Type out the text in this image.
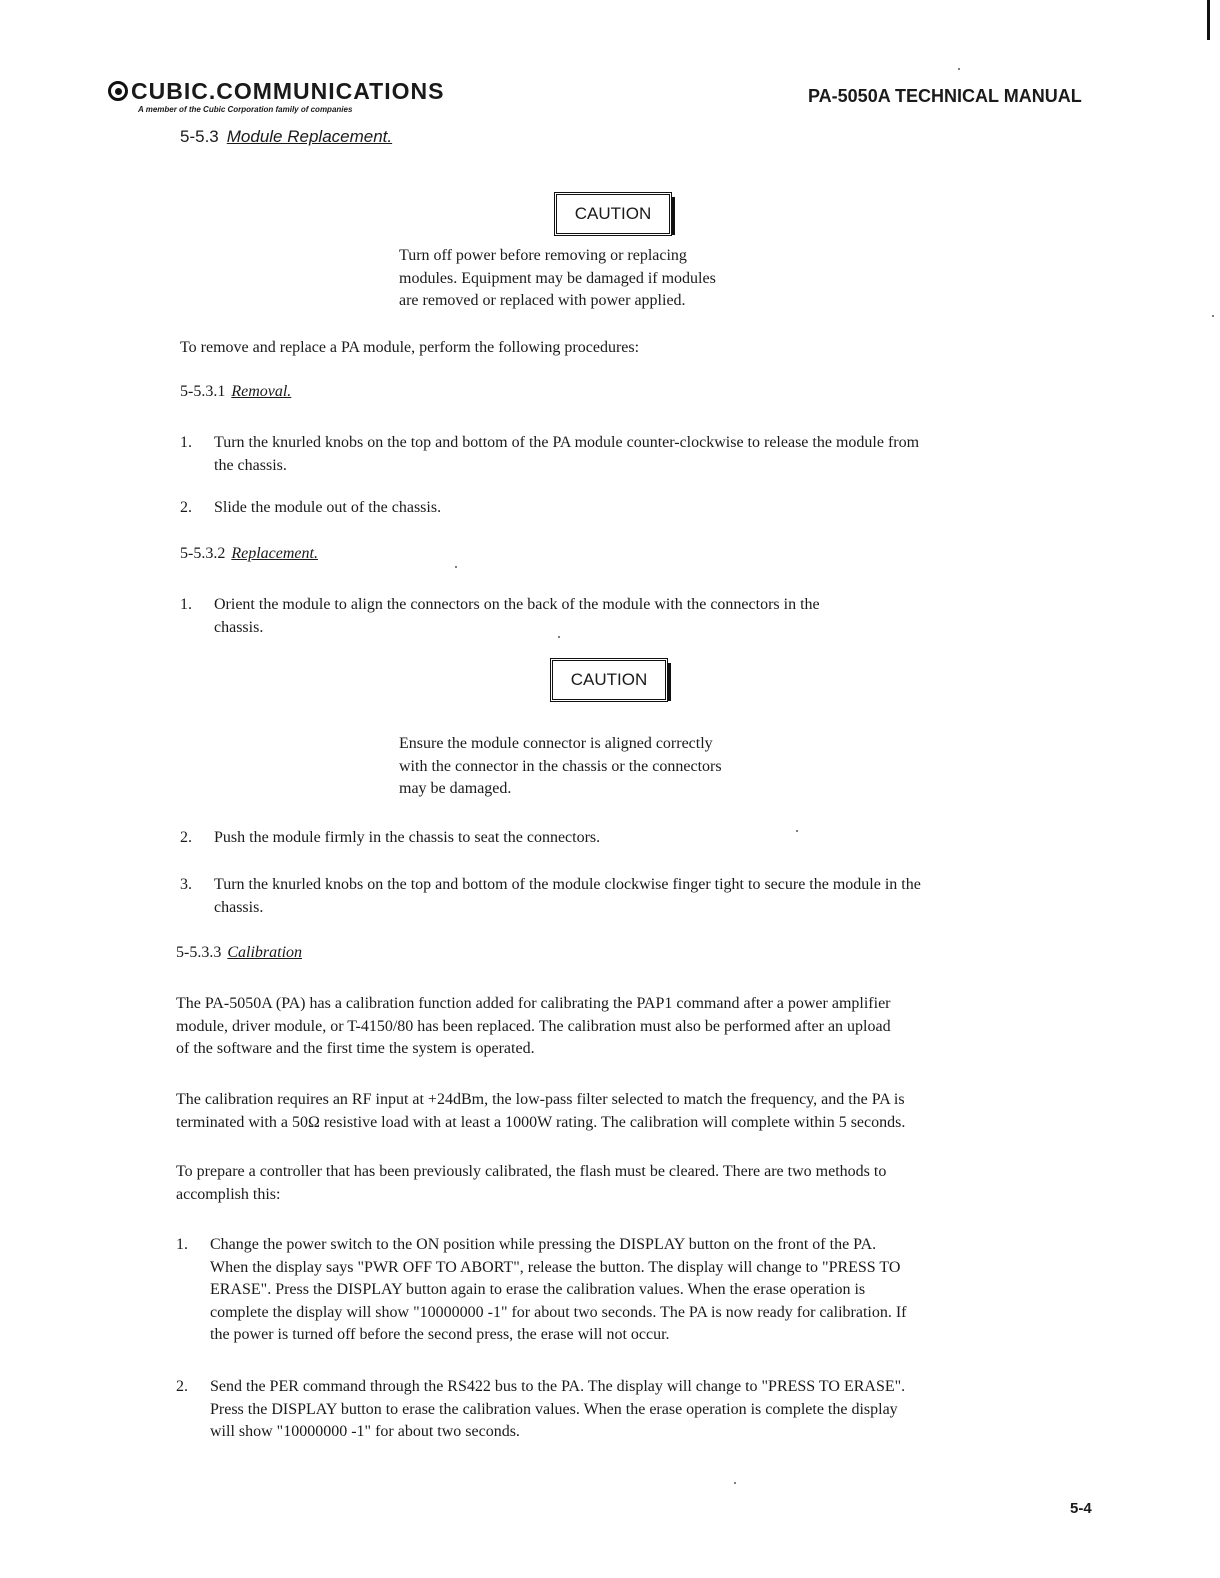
CUBIC.COMMUNICATIONS
A member of the Cubic Corporation family of companies
PA-5050A TECHNICAL MANUAL
5-5.3 Module Replacement.
CAUTION
Turn off power before removing or replacing
modules. Equipment may be damaged if modules
are removed or replaced with power applied.
To remove and replace a PA module, perform the following procedures:
5-5.3.1 Removal.
1. Turn the knurled knobs on the top and bottom of the PA module counter-clockwise to release the module from
the chassis.
2. Slide the module out of the chassis.
5-5.3.2 Replacement.
1. Orient the module to align the connectors on the back of the module with the connectors in the
chassis.
CAUTION
Ensure the module connector is aligned correctly
with the connector in the chassis or the connectors
may be damaged.
2. Push the module firmly in the chassis to seat the connectors.
3. Turn the knurled knobs on the top and bottom of the module clockwise finger tight to secure the module in the
chassis.
5-5.3.3 Calibration
The PA-5050A (PA) has a calibration function added for calibrating the PAP1 command after a power amplifier
module, driver module, or T-4150/80 has been replaced. The calibration must also be performed after an upload
of the software and the first time the system is operated.
The calibration requires an RF input at +24dBm, the low-pass filter selected to match the frequency, and the PA is
terminated with a 50Ω resistive load with at least a 1000W rating. The calibration will complete within 5 seconds.
To prepare a controller that has been previously calibrated, the flash must be cleared. There are two methods to
accomplish this:
1. Change the power switch to the ON position while pressing the DISPLAY button on the front of the PA.
When the display says "PWR OFF TO ABORT", release the button. The display will change to "PRESS TO
ERASE". Press the DISPLAY button again to erase the calibration values. When the erase operation is
complete the display will show "10000000 -1" for about two seconds. The PA is now ready for calibration. If
the power is turned off before the second press, the erase will not occur.
2. Send the PER command through the RS422 bus to the PA. The display will change to "PRESS TO ERASE".
Press the DISPLAY button to erase the calibration values. When the erase operation is complete the display
will show "10000000 -1" for about two seconds.
5-4
